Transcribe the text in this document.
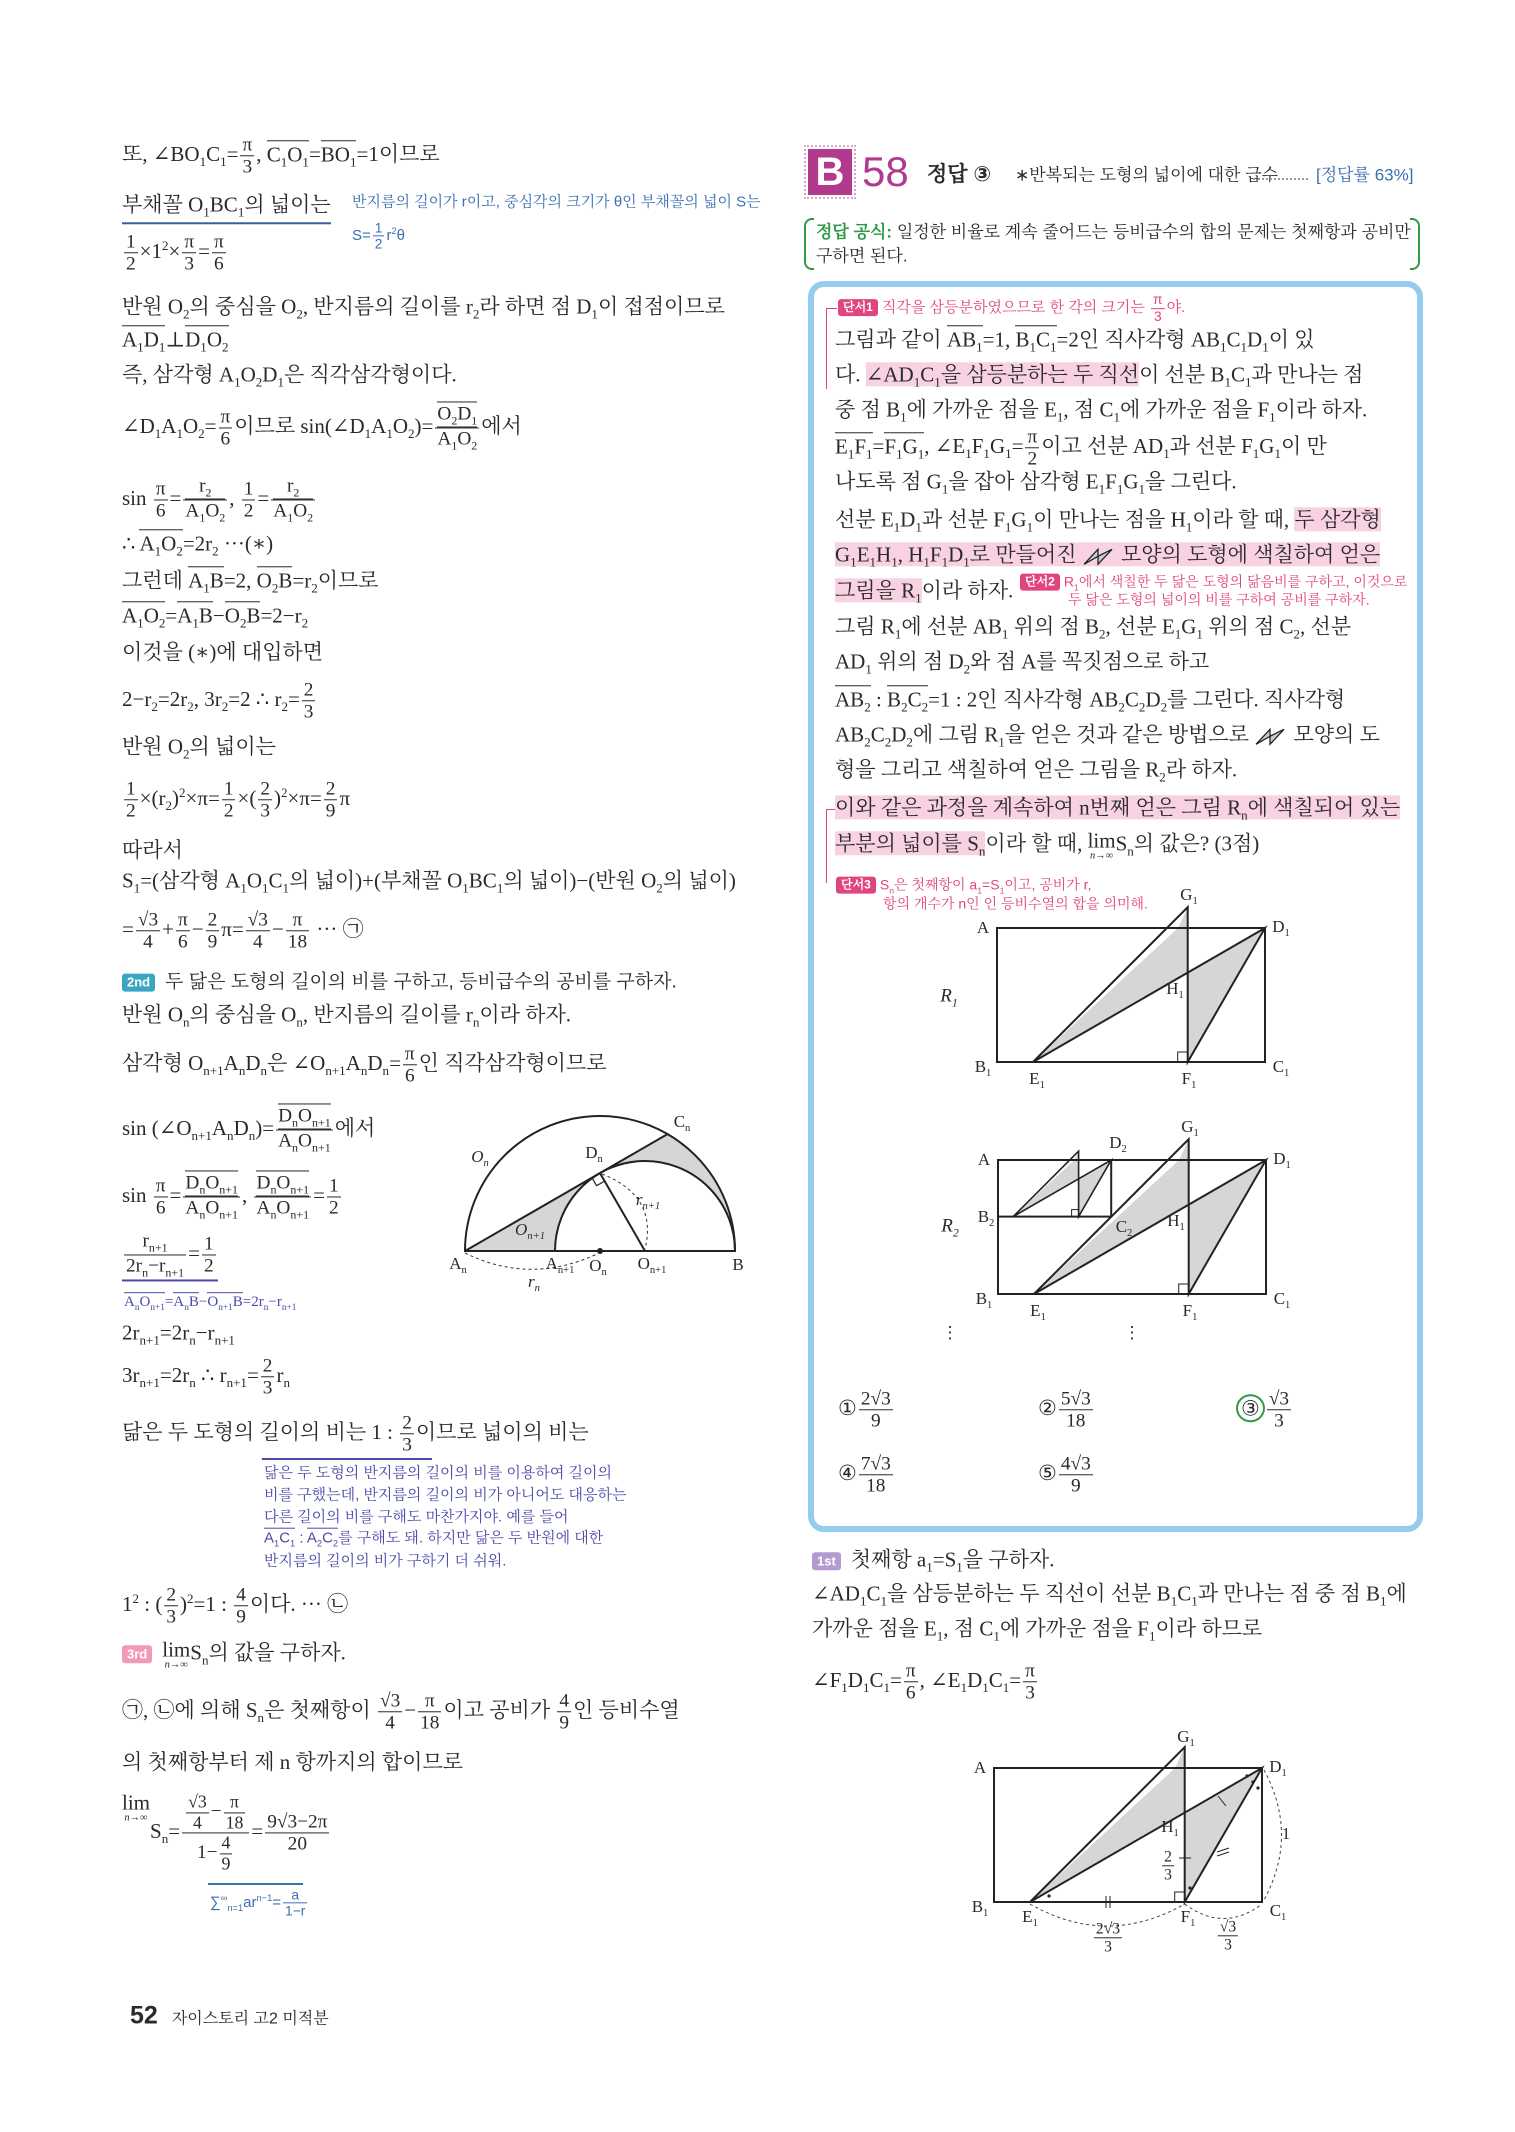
또, $\angle BO_1C_1= \frac{\pi}{3}$ , $C_1O_1=BO_1=1$이므로
부채꼴 $O_1BC_1$의 넓이는 반지름의 길이가 r이고, 중심각의 크기가 θ인 부채꼴의 넓이 S는
$S= \frac{1}{2} r^2\theta$
$\frac{1}{2} \times 1^2\times \frac{\pi}{3} = \frac{\pi}{6}$
반원 $O_2$의 중심을 $O_2$, 반지름의 길이를 $r_2$라 하면 점 $D_1$이 접점이므로
$A_1D_1\perp D_1O_2$
즉, 삼각형 $A_1O_2D_1$은 직각삼각형이다.
$\angle D_1A_1O_2= \frac{\pi}{6}$ 이므로 $\sin(\angle D_1A_1O_2)= \frac{O_2D_1}{A_1O_2}$ 에서
$\sin \frac{\pi}{6} = \frac{r_2}{A_1O_2}$ , $\frac{1}{2} = \frac{r_2}{A_1O_2}$
∴ $A_1O_2=2r_2$ ···(∗)
그런데 $A_1B=2$, $O_2B=r_2$이므로
$A_1O_2=A_1B-O_2B=2-r_2$
이것을 (∗)에 대입하면
$2-r_2=2r_2$, $3r_2=2$ ∴ $r_2= \frac{2}{3}$
반원 $O_2$의 넓이는
$\frac{1}{2} \times(r_2)^2\times\pi= \frac{1}{2}$ ×( $\frac{2}{3} )^2\times\pi= \frac{2}{9}$ π
따라서
$S_1=$(삼각형 $A_1O_1C_1$의 넓이)+(부채꼴 $O_1BC_1$의 넓이)−(반원 $O_2$의 넓이)
= $\frac{√3}{4} + \frac{\pi}{6} - \frac{2}{9} \pi= \frac{√3}{4} - \frac{\pi}{18}$ ··· ㉠
2nd 두 닮은 도형의 길이의 비를 구하고, 등비급수의 공비를 구하자.
반원 $O_n$의 중심을 $O_n$, 반지름의 길이를 $r_n$이라 하자.
삼각형 $O_{n+1}A_nD_n$은 $\angle O_{n+1}A_nD_n= \frac{\pi}{6}$ 인 직각삼각형이므로
$\sin (\angle O_{n+1}A_nD_n)= D_nO_{n+1}$
$A_nO_{n+1}$
에서
$\sin \frac{\pi}{6} = D_nO_{n+1}$
$A_nO_{n+1}$
, $D_nO_{n+1}$
$A_nO_{n+1}$
= $\frac{1}{2}$
$\frac{r_{n+1}}{2r_n-r_{n+1}} = \frac{1}{2}$
$A_nO_{n+1}=A_nB-O_{n+1}B=2r_n-r_{n+1}$
$2r_{n+1}=2r_n-r_{n+1}$
$3r_{n+1}=2r_n$ ∴ $r_{n+1}= \frac{2}{3} r_n$
닮은 두 도형의 길이의 비는 1 : $\frac{2}{3}$ 이므로 넓이의 비는
닮은 두 도형의 반지름의 길이의 비를 이용하여 길이의
비를 구했는데, 반지름의 길이의 비가 아니어도 대응하는
다른 길이의 비를 구해도 마찬가지야. 예를 들어
$A_1C_1$ : $A_2C_2$를 구해도 돼. 하지만 닮은 두 반원에 대한
반지름의 길이의 비가 구하기 더 쉬워.
$1^2$ : ( $\frac{2}{3} )^2=1$ : $\frac{4}{9}$ 이다. ··· ㉡
3rd lim
n→∞
$S_n$의 값을 구하자.
㉠, ㉡에 의해 $S_n$은 첫째항이 $\frac{√3}{4} - \frac{\pi}{18}$ 이고 공비가 $\frac{4}{9}$ 인 등비수열
의 첫째항부터 제 n 항까지의 합이므로
lim
n→∞
$S_n= \frac{\frac{√3}{4} - \frac{\pi}{18}}{1- \frac{4}{9}} = \frac{9√3-2\pi}{20}$
$\sum^\infty_{n=1}ar^{n-1}= \frac{a}{1-r}$
$O_n$
$C_n$
$D_n$
$r_{n+1}$
$O_{n+1}$
$A_n$	$A_{n+1}$ $O_n$ $O_{n+1}$	B
$r_n$
52 자이스토리 고2 미적분
B 58 정답 ③ ∗반복되는 도형의 넓이에 대한 급수 [정답률 63%]
정답 공식: 일정한 비율로 계속 줄어드는 등비급수의 합의 문제는 첫째항과 공비만
구하면 된다.
단서1 직각을 삼등분하였으므로 한 각의 크기는 $\frac{\pi}{3}$ 야.
그림과 같이 $AB_1=1$, $B_1C_1=2$인 직사각형 $AB_1C_1D_1$이 있
다. $\angle AD_1C_1$을 삼등분하는 두 직선이 선분 $B_1C_1$과 만나는 점
중 점 $B_1$에 가까운 점을 $E_1$, 점 $C_1$에 가까운 점을 $F_1$이라 하자.
$E_1F_1=F_1G_1$, $\angle E_1F_1G_1= \frac{\pi}{2}$ 이고 선분 $AD_1$과 선분 $F_1G_1$이 만
나도록 점 $G_1$을 잡아 삼각형 $E_1F_1G_1$을 그린다.
선분 $E_1D_1$과 선분 $F_1G_1$이 만나는 점을 $H_1$이라 할 때, 두 삼각형
$G_1E_1H_1$, $H_1F_1D_1$로 만들어진  모양의 도형에 색칠하여 얻은
그림을 $R_1$이라 하자. 단서2 $R_1$에서 색칠한 두 닮은 도형의 닮음비를 구하고, 이것으로
두 닮은 도형의 넓이의 비를 구하여 공비를 구하자.
그림 $R_1$에 선분 $AB_1$ 위의 점 $B_2$, 선분 $E_1G_1$ 위의 점 $C_2$, 선분
$AD_1$ 위의 점 $D_2$와 점 A를 꼭짓점으로 하고
$AB_2$ : $B_2C_2=1$ : 2인 직사각형 $AB_2C_2D_2$를 그린다. 직사각형
$AB_2C_2D_2$에 그림 $R_1$을 얻은 것과 같은 방법으로  모양의 도
형을 그리고 색칠하여 얻은 그림을 $R_2$라 하자.
이와 같은 과정을 계속하여 n번째 얻은 그림 $R_n$에 색칠되어 있는
부분의 넓이를 $S_n$이라 할 때, lim
n→∞
$S_n$의 값은? (3점)
단서3 $S_n$은 첫째항이 $a_1=S_1$이고, 공비가 r,
항의 개수가 n인 인 등비수열의 합을 의미해.
A	$D_1$
$B_1$	$C_1$
$E_1$	$F_1$
$G_1$
$H_1$
$R_1$
A	$D_1$
$D_2$
$B_2$	$C_2$
$B_1$	$C_1$
$E_1$	$F_1$
$G_1$
$H_1$
$R_2$
⋮	⋮
① $\frac{2√3}{9}$	② $\frac{5√3}{18}$	③ $\frac{√3}{3}$
④ $\frac{7√3}{18}$	⑤ $\frac{4√3}{9}$
1st 첫째항 $a_1=S_1$을 구하자.
$\angle AD_1C_1$을 삼등분하는 두 직선이 선분 $B_1C_1$과 만나는 점 중 점 $B_1$에
가까운 점을 $E_1$, 점 $C_1$에 가까운 점을 $F_1$이라 하므로
$\angle F_1D_1C_1= \frac{\pi}{6}$ , $\angle E_1D_1C_1= \frac{\pi}{3}$
A	$D_1$
$B_1$	$C_1$
$E_1$	$F_1$
$G_1$
$H_1$
$\frac{2}{3}$
1
$\frac{2√3}{3}$	$\frac{√3}{3}$
